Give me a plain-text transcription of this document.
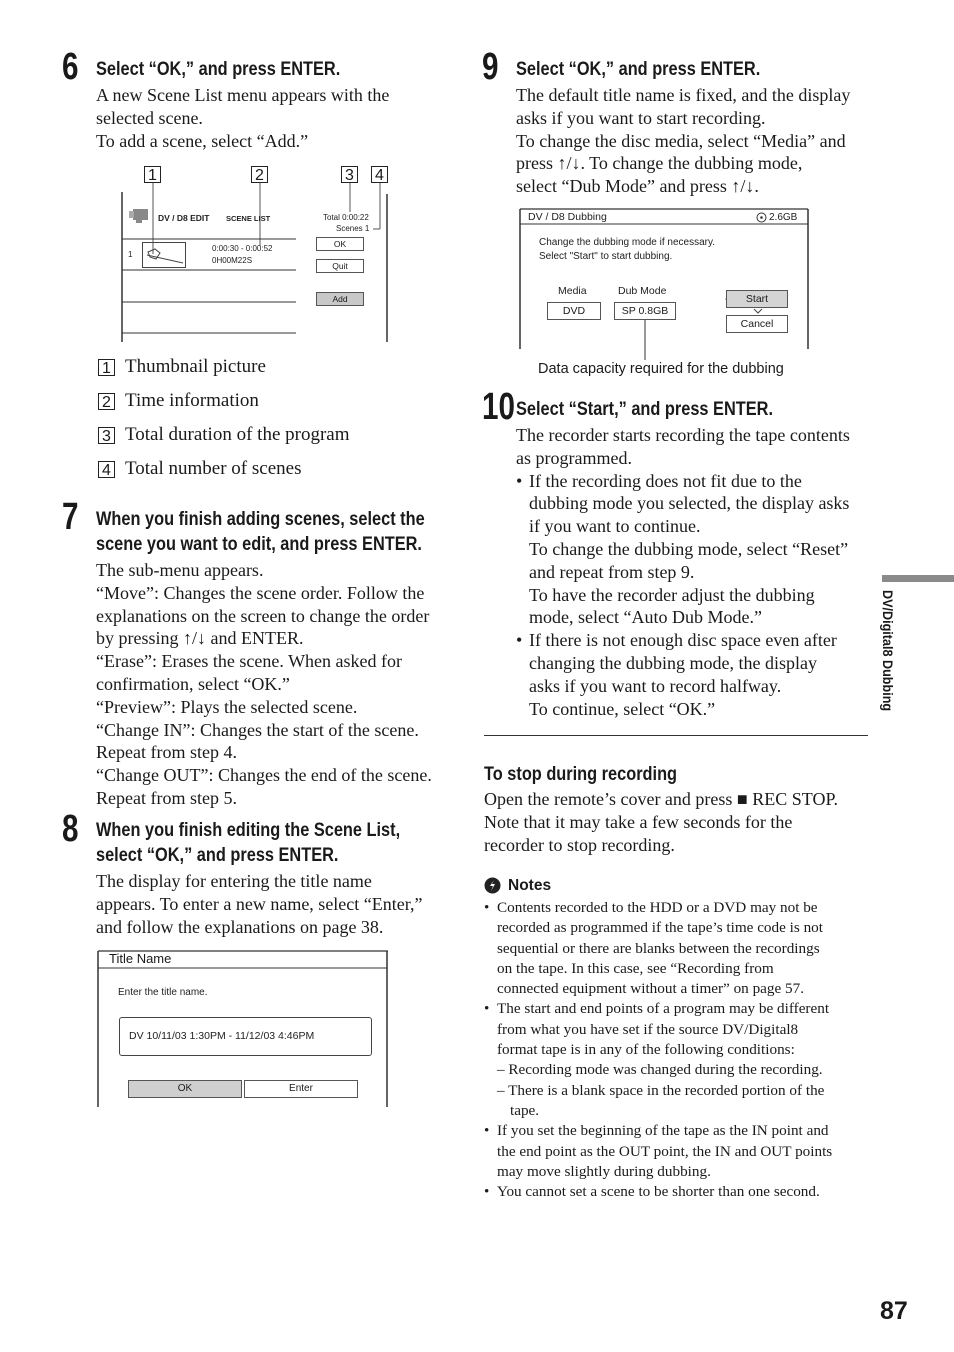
6 Select “OK,” and press ENTER.
A new Scene List menu appears with the
selected scene.
To add a scene, select “Add.”
1	2	3 4
DV / D8 EDIT SCENE LIST	Total 0:00:22
Scenes 1
1
0:00:30 - 0:00:52
0H00M22S
OK
Quit
Add
1 Thumbnail picture
2 Time information
3 Total duration of the program
4 Total number of scenes
7 When you finish adding scenes, select the
scene you want to edit, and press ENTER.
The sub-menu appears.
“Move”: Changes the scene order. Follow the
explanations on the screen to change the order
by pressing ↑/↓ and ENTER.
“Erase”: Erases the scene. When asked for
confirmation, select “OK.”
“Preview”: Plays the selected scene.
“Change IN”: Changes the start of the scene.
Repeat from step 4.
“Change OUT”: Changes the end of the scene.
Repeat from step 5.
8 When you finish editing the Scene List,
select “OK,” and press ENTER.
The display for entering the title name
appears. To enter a new name, select “Enter,”
and follow the explanations on page 38.
Title Name
Enter the title name.
DV 10/11/03 1:30PM - 11/12/03 4:46PM
OK	Enter
9 Select “OK,” and press ENTER.
The default title name is fixed, and the display
asks if you want to start recording.
To change the disc media, select “Media” and
press ↑/↓. To change the dubbing mode,
select “Dub Mode” and press ↑/↓.
DV / D8 Dubbing	2.6GB
Change the dubbing mode if necessary.
Select "Start" to start dubbing.
Media	Dub Mode
DVD	SP 0.8GB
Start
Cancel
Data capacity required for the dubbing
10 Select “Start,” and press ENTER.
The recorder starts recording the tape contents
as programmed.
• If the recording does not fit due to the
dubbing mode you selected, the display asks
if you want to continue.
To change the dubbing mode, select “Reset”
and repeat from step 9.
To have the recorder adjust the dubbing
mode, select “Auto Dub Mode.”
• If there is not enough disc space even after
changing the dubbing mode, the display
asks if you want to record halfway.
To continue, select “OK.”
To stop during recording
Open the remote’s cover and press ■ REC STOP.
Note that it may take a few seconds for the
recorder to stop recording.
Notes
• Contents recorded to the HDD or a DVD may not be
recorded as programmed if the tape’s time code is not
sequential or there are blanks between the recordings
on the tape. In this case, see “Recording from
connected equipment without a timer” on page 57.
• The start and end points of a program may be different
from what you have set if the source DV/Digital8
format tape is in any of the following conditions:
– Recording mode was changed during the recording.
– There is a blank space in the recorded portion of the
tape.
• If you set the beginning of the tape as the IN point and
the end point as the OUT point, the IN and OUT points
may move slightly during dubbing.
• You cannot set a scene to be shorter than one second.
DV/Digital8 Dubbing
87
